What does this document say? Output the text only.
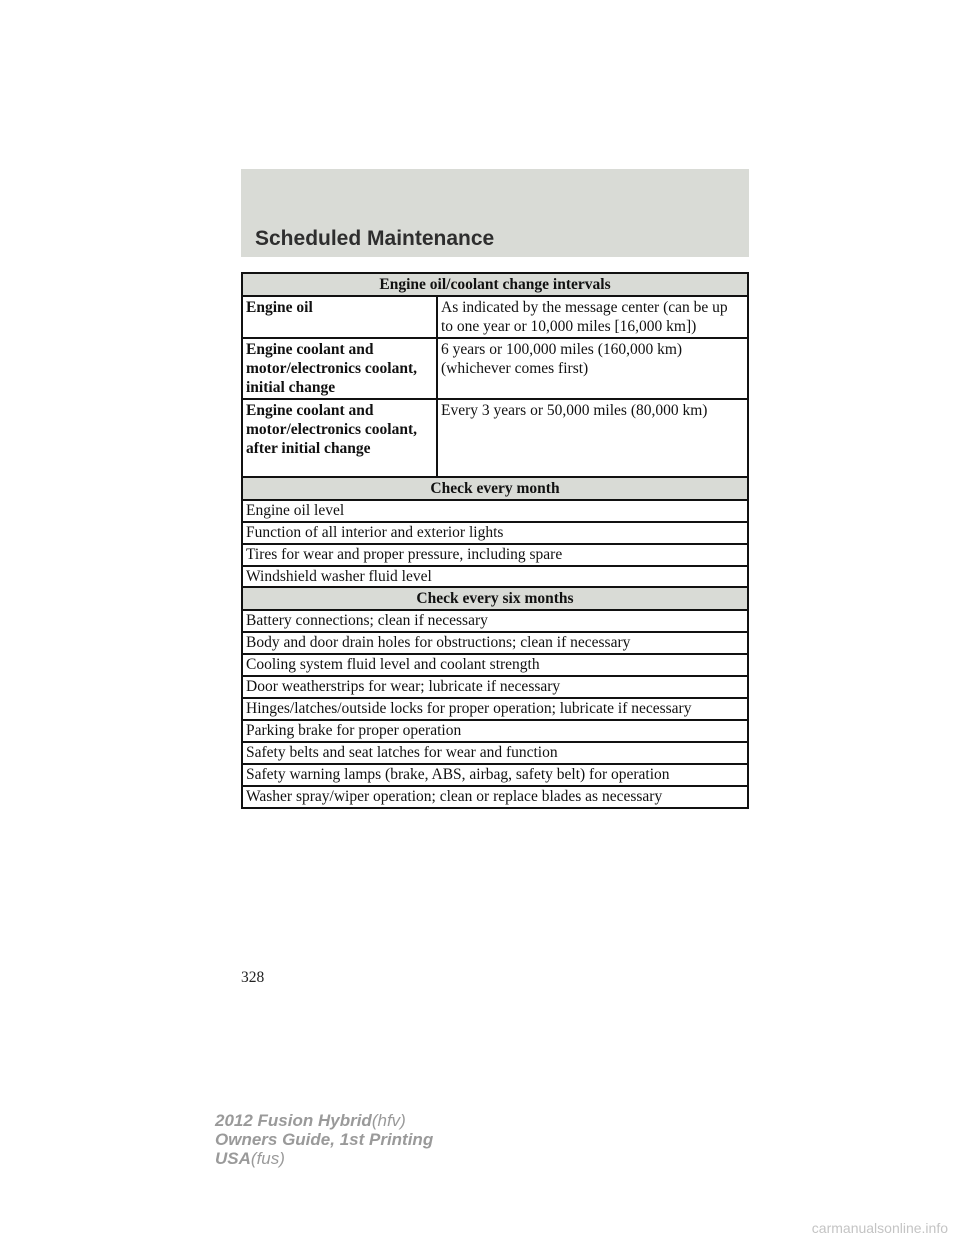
Scheduled Maintenance
Engine oil/coolant change intervals	
Engine oil	As indicated by the message center (can be up to one year or 10,000 miles [16,000 km])
Engine coolant and motor/electronics coolant, initial change	6 years or 100,000 miles (160,000 km) (whichever comes first)
Engine coolant and motor/electronics coolant, after initial change	Every 3 years or 50,000 miles (80,000 km)
Check every month
Engine oil level
Function of all interior and exterior lights
Tires for wear and proper pressure, including spare
Windshield washer fluid level
Check every six months
Battery connections; clean if necessary
Body and door drain holes for obstructions; clean if necessary
Cooling system fluid level and coolant strength
Door weatherstrips for wear; lubricate if necessary
Hinges/latches/outside locks for proper operation; lubricate if necessary
Parking brake for proper operation
Safety belts and seat latches for wear and function
Safety warning lamps (brake, ABS, airbag, safety belt) for operation
Washer spray/wiper operation; clean or replace blades as necessary
328
2012 Fusion Hybrid(hfv)
Owners Guide, 1st Printing
USA(fus)
carmanualsonline.info
